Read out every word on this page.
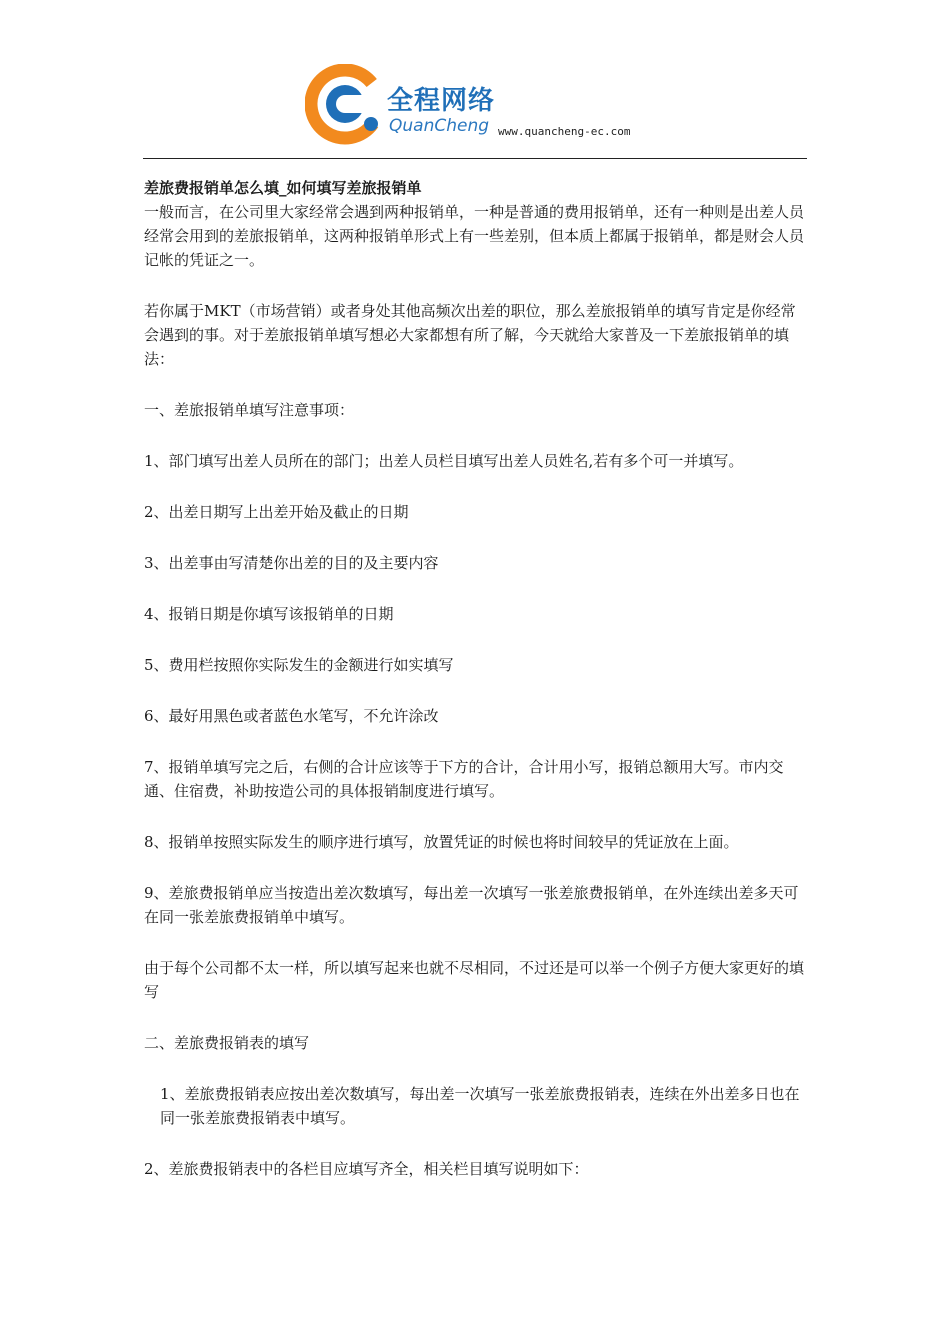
全程网络
QuanCheng www.quancheng-ec.com

差旅费报销单怎么填_如何填写差旅报销单

一般而言，在公司里大家经常会遇到两种报销单，一种是普通的费用报销单，还有一种则是出差人员经常会用到的差旅报销单，这两种报销单形式上有一些差别，但本质上都属于报销单，都是财会人员记帐的凭证之一。

若你属于MKT（市场营销）或者身处其他高频次出差的职位，那么差旅报销单的填写肯定是你经常会遇到的事。对于差旅报销单填写想必大家都想有所了解，今天就给大家普及一下差旅报销单的填法：

一、差旅报销单填写注意事项：

1、部门填写出差人员所在的部门；出差人员栏目填写出差人员姓名,若有多个可一并填写。

2、出差日期写上出差开始及截止的日期

3、出差事由写清楚你出差的目的及主要内容

4、报销日期是你填写该报销单的日期

5、费用栏按照你实际发生的金额进行如实填写

6、最好用黑色或者蓝色水笔写，不允许涂改

7、报销单填写完之后，右侧的合计应该等于下方的合计，合计用小写，报销总额用大写。市内交通、住宿费，补助按造公司的具体报销制度进行填写。

8、报销单按照实际发生的顺序进行填写，放置凭证的时候也将时间较早的凭证放在上面。

9、差旅费报销单应当按造出差次数填写，每出差一次填写一张差旅费报销单，在外连续出差多天可在同一张差旅费报销单中填写。

由于每个公司都不太一样，所以填写起来也就不尽相同，不过还是可以举一个例子方便大家更好的填写

二、差旅费报销表的填写

1、差旅费报销表应按出差次数填写，每出差一次填写一张差旅费报销表，连续在外出差多日也在同一张差旅费报销表中填写。

2、差旅费报销表中的各栏目应填写齐全，相关栏目填写说明如下：
